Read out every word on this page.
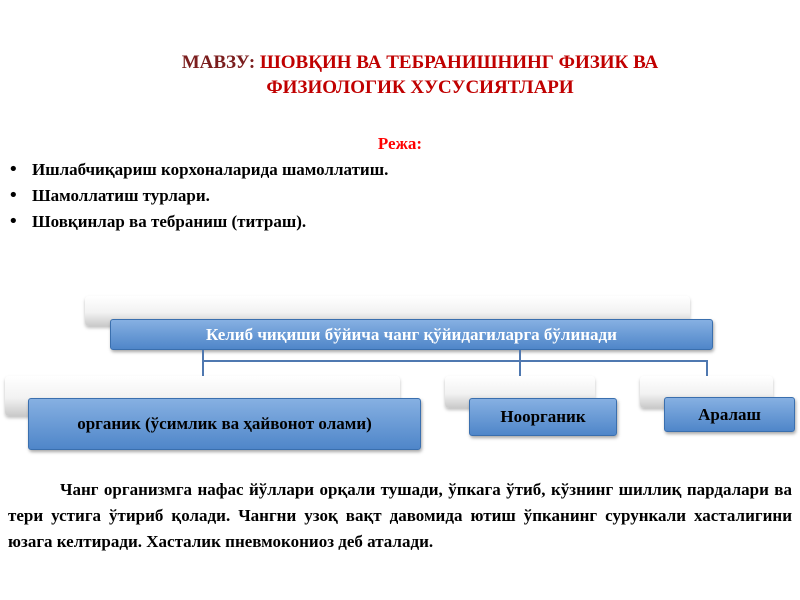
МАВЗУ: ШОВҚИН ВА ТЕБРАНИШНИНГ ФИЗИК ВА
ФИЗИОЛОГИК ХУСУСИЯТЛАРИ
Режа:
• Ишлабчиқариш корхоналарида шамоллатиш.
• Шамоллатиш турлари.
• Шовқинлар ва тебраниш (титраш).
Келиб чиқиши бўйича чанг қўйидагиларга бўлинади
органик (ўсимлик ва ҳайвонот олами)	Ноорганик	Аралаш

Чанг организмга нафас йўллари орқали тушади, ўпкага ўтиб, кўзнинг шиллиқ пардалари ва тери устига ўтириб қолади. Чангни узоқ вақт давомида ютиш ўпканинг сурункали хасталигини юзага келтиради. Хасталик пневмокониоз деб аталади.
